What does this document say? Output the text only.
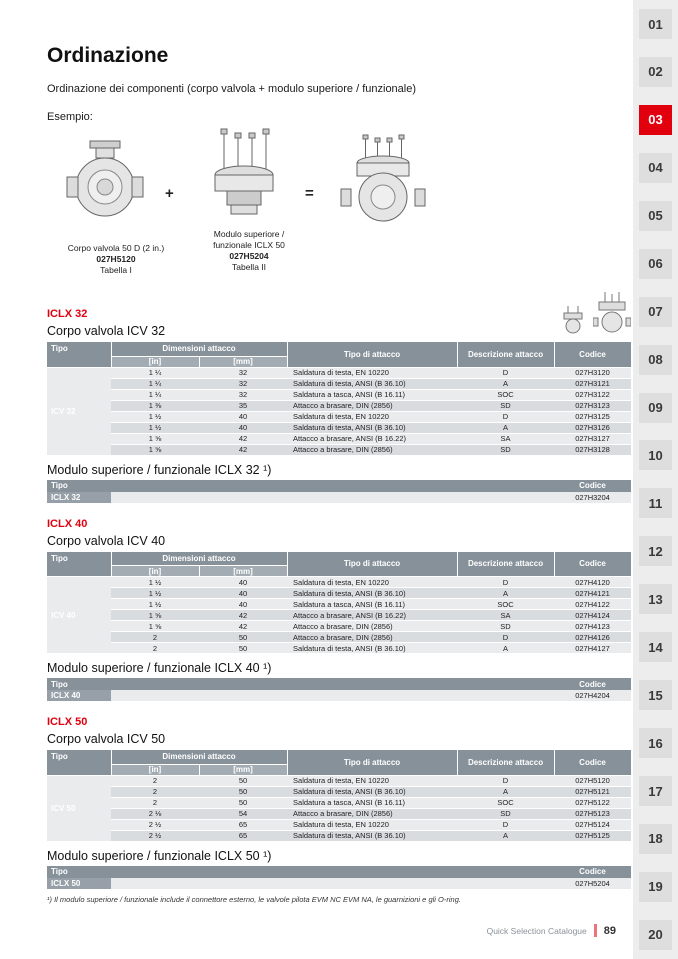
Ordinazione
Ordinazione dei componenti (corpo valvola + modulo superiore / funzionale)
Esempio:
+	=
Corpo valvola 50 D (2 in.)
027H5120
Tabella I
Modulo superiore /
funzionale ICLX 50
027H5204
Tabella II
ICLX 32
Corpo valvola ICV 32
Tipo	Dimensioni attacco		Tipo di attacco	Descrizione attacco	Codice
	[in]	[mm]			
ICV 32	1 ¼	32	Saldatura di testa, EN 10220	D	027H3120
	1 ¼	32	Saldatura di testa, ANSI (B 36.10)	A	027H3121
	1 ¼	32	Saldatura a tasca, ANSI (B 16.11)	SOC	027H3122
	1 ⅜	35	Attacco a brasare, DIN (2856)	SD	027H3123
	1 ½	40	Saldatura di testa, EN 10220	D	027H3125
	1 ½	40	Saldatura di testa, ANSI (B 36.10)	A	027H3126
	1 ⅝	42	Attacco a brasare, ANSI (B 16.22)	SA	027H3127
	1 ⅝	42	Attacco a brasare, DIN (2856)	SD	027H3128
Modulo superiore / funzionale ICLX 32 ¹)
Tipo		Codice
ICLX 32		027H3204
ICLX 40
Corpo valvola ICV 40
Tipo	Dimensioni attacco		Tipo di attacco	Descrizione attacco	Codice
	[in]	[mm]			
ICV 40	1 ½	40	Saldatura di testa, EN 10220	D	027H4120
	1 ½	40	Saldatura di testa, ANSI (B 36.10)	A	027H4121
	1 ½	40	Saldatura a tasca, ANSI (B 16.11)	SOC	027H4122
	1 ⅝	42	Attacco a brasare, ANSI (B 16.22)	SA	027H4124
	1 ⅝	42	Attacco a brasare, DIN (2856)	SD	027H4123
	2	50	Attacco a brasare, DIN (2856)	D	027H4126
	2	50	Saldatura di testa, ANSI (B 36.10)	A	027H4127
Modulo superiore / funzionale ICLX 40 ¹)
Tipo		Codice
ICLX 40		027H4204
ICLX 50
Corpo valvola ICV 50
Tipo	Dimensioni attacco		Tipo di attacco	Descrizione attacco	Codice
	[in]	[mm]			
ICV 50	2	50	Saldatura di testa, EN 10220	D	027H5120
	2	50	Saldatura di testa, ANSI (B 36.10)	A	027H5121
	2	50	Saldatura a tasca, ANSI (B 16.11)	SOC	027H5122
	2 ⅛	54	Attacco a brasare, DIN (2856)	SD	027H5123
	2 ½	65	Saldatura di testa, EN 10220	D	027H5124
	2 ½	65	Saldatura di testa, ANSI (B 36.10)	A	027H5125
Modulo superiore / funzionale ICLX 50 ¹)
Tipo		Codice
ICLX 50		027H5204
¹) Il modulo superiore / funzionale include il connettore esterno, le valvole pilota EVM NC EVM NA, le guarnizioni e gli O-ring.
Quick Selection Catalogue 89
01
02
03
04
05
06
07
08
09
10
11
12
13
14
15
16
17
18
19
20
